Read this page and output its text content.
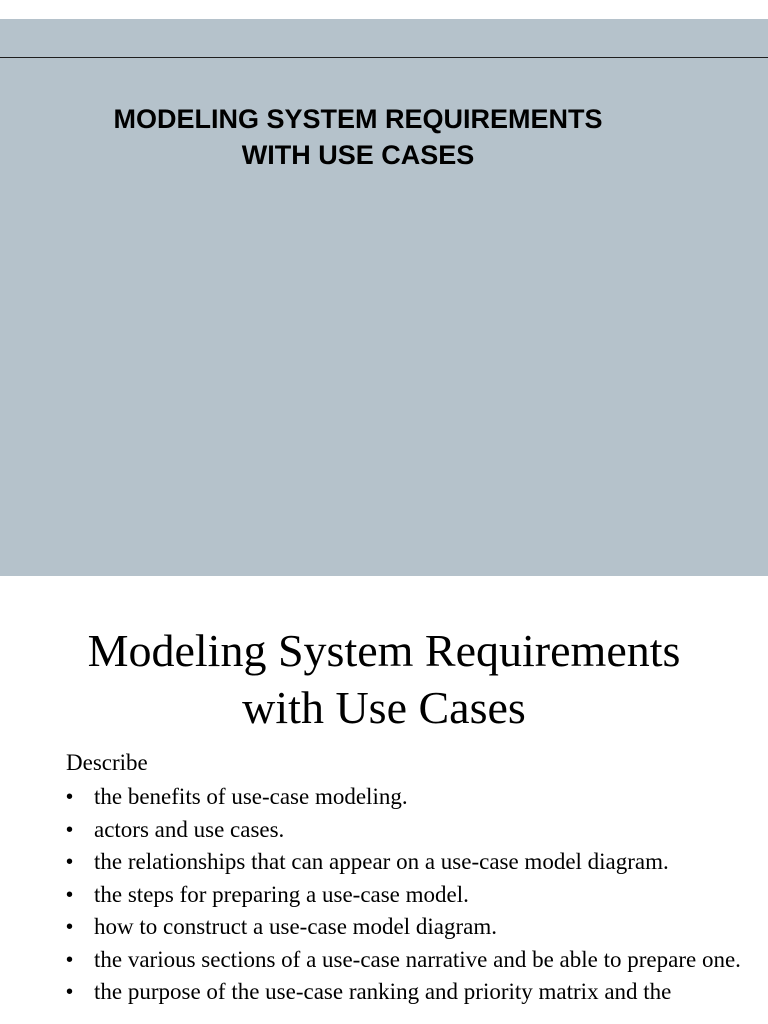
MODELING SYSTEM REQUIREMENTS
WITH USE CASES
Modeling System Requirements
with Use Cases
Describe
• the benefits of use-case modeling.
• actors and use cases.
• the relationships that can appear on a use-case model diagram.
• the steps for preparing a use-case model.
• how to construct a use-case model diagram.
• the various sections of a use-case narrative and be able to prepare one.
• the purpose of the use-case ranking and priority matrix and the
